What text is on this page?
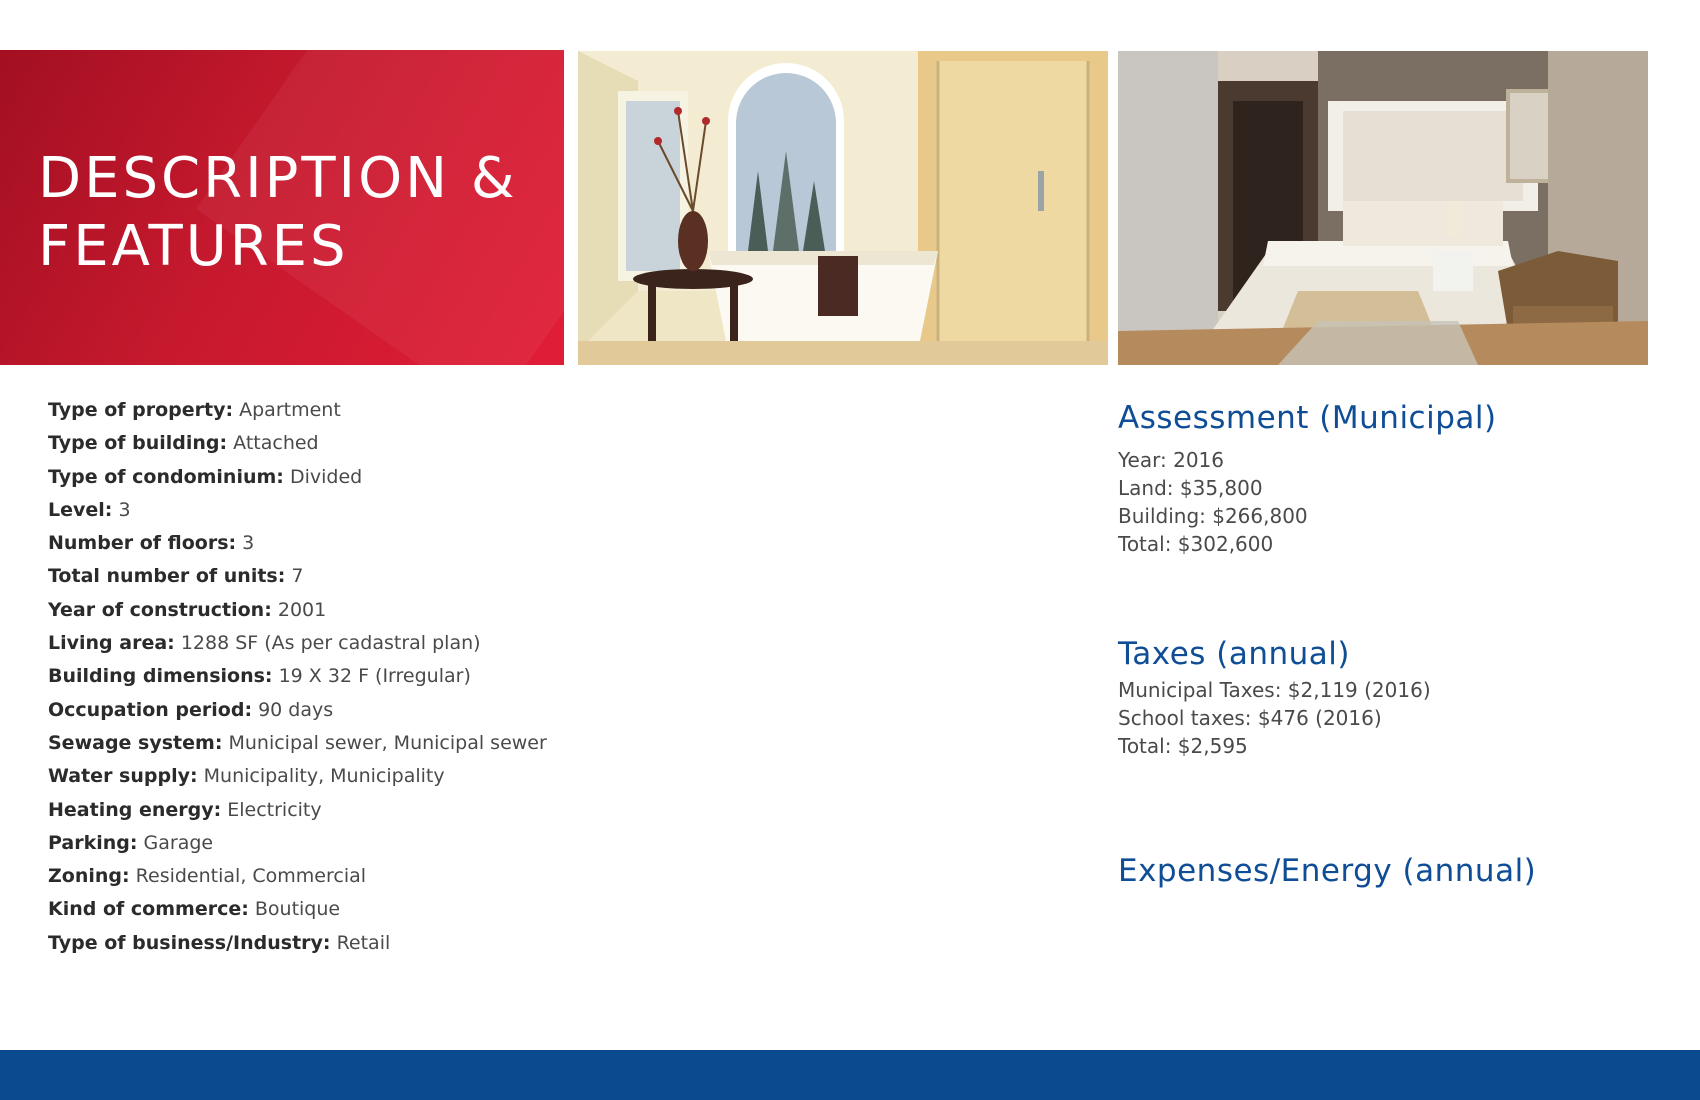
DESCRIPTION &
FEATURES
Type of property: Apartment
Type of building: Attached
Type of condominium: Divided
Level: 3
Number of floors: 3
Total number of units: 7
Year of construction: 2001
Living area: 1288 SF (As per cadastral plan)
Building dimensions: 19 X 32 F (Irregular)
Occupation period: 90 days
Sewage system: Municipal sewer, Municipal sewer
Water supply: Municipality, Municipality
Heating energy: Electricity
Parking: Garage
Zoning: Residential, Commercial
Kind of commerce: Boutique
Type of business/Industry: Retail
Assessment (Municipal)
Year: 2016
Land: $35,800
Building: $266,800
Total: $302,600
Taxes (annual)
Municipal Taxes: $2,119 (2016)
School taxes: $476 (2016)
Total: $2,595
Expenses/Energy (annual)
